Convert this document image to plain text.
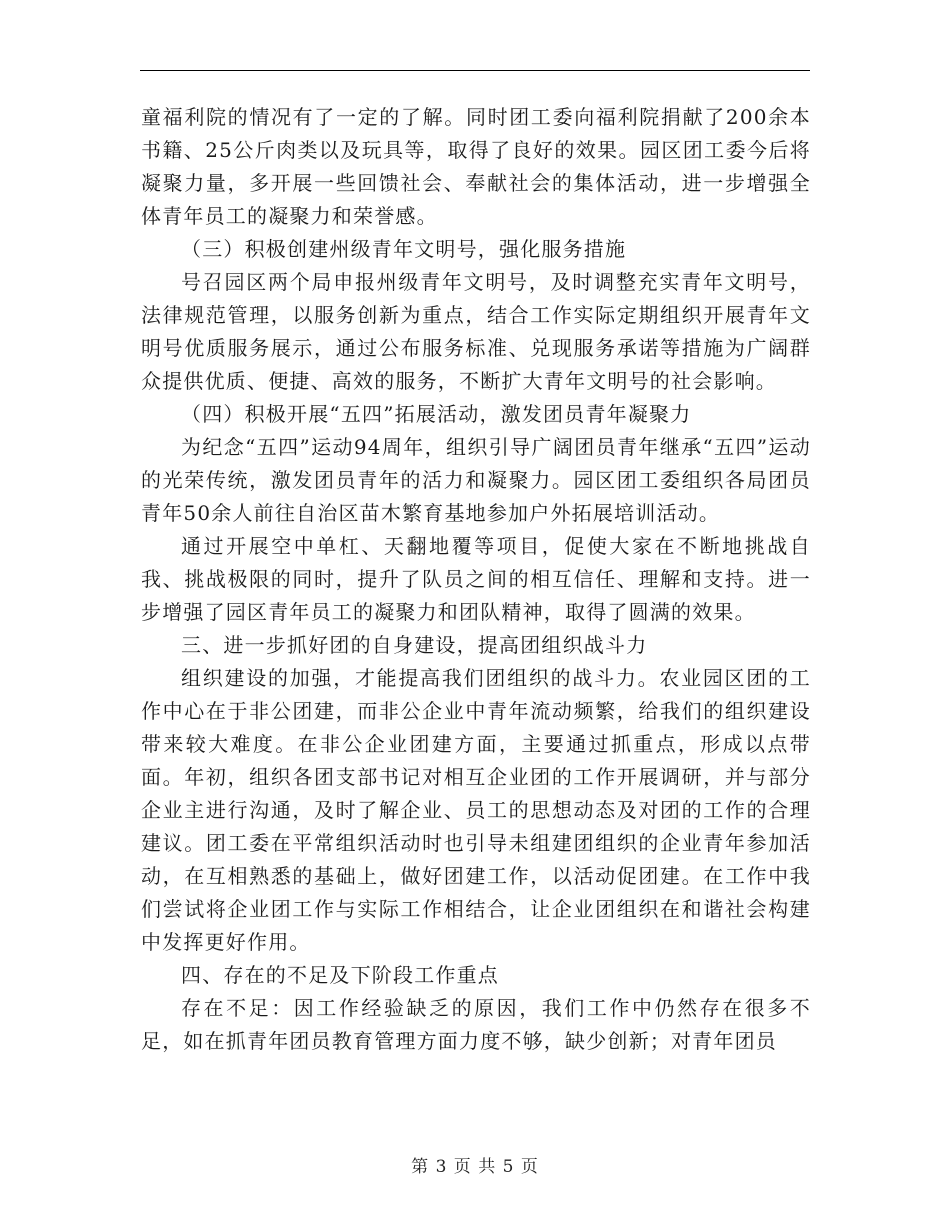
童福利院的情况有了一定的了解。同时团工委向福利院捐献了200余本书籍、25公斤肉类以及玩具等，取得了良好的效果。园区团工委今后将凝聚力量，多开展一些回馈社会、奉献社会的集体活动，进一步增强全体青年员工的凝聚力和荣誉感。

（三）积极创建州级青年文明号，强化服务措施

号召园区两个局申报州级青年文明号，及时调整充实青年文明号，法律规范管理，以服务创新为重点，结合工作实际定期组织开展青年文明号优质服务展示，通过公布服务标准、兑现服务承诺等措施为广阔群众提供优质、便捷、高效的服务，不断扩大青年文明号的社会影响。

（四）积极开展“五四”拓展活动，激发团员青年凝聚力

为纪念“五四”运动94周年，组织引导广阔团员青年继承“五四”运动的光荣传统，激发团员青年的活力和凝聚力。园区团工委组织各局团员青年50余人前往自治区苗木繁育基地参加户外拓展培训活动。

通过开展空中单杠、天翻地覆等项目，促使大家在不断地挑战自我、挑战极限的同时，提升了队员之间的相互信任、理解和支持。进一步增强了园区青年员工的凝聚力和团队精神，取得了圆满的效果。

三、进一步抓好团的自身建设，提高团组织战斗力

组织建设的加强，才能提高我们团组织的战斗力。农业园区团的工作中心在于非公团建，而非公企业中青年流动频繁，给我们的组织建设带来较大难度。在非公企业团建方面，主要通过抓重点，形成以点带面。年初，组织各团支部书记对相互企业团的工作开展调研，并与部分企业主进行沟通，及时了解企业、员工的思想动态及对团的工作的合理建议。团工委在平常组织活动时也引导未组建团组织的企业青年参加活动，在互相熟悉的基础上，做好团建工作，以活动促团建。在工作中我们尝试将企业团工作与实际工作相结合，让企业团组织在和谐社会构建中发挥更好作用。

四、存在的不足及下阶段工作重点

存在不足：因工作经验缺乏的原因，我们工作中仍然存在很多不足，如在抓青年团员教育管理方面力度不够，缺少创新；对青年团员

第 3 页 共 5 页
